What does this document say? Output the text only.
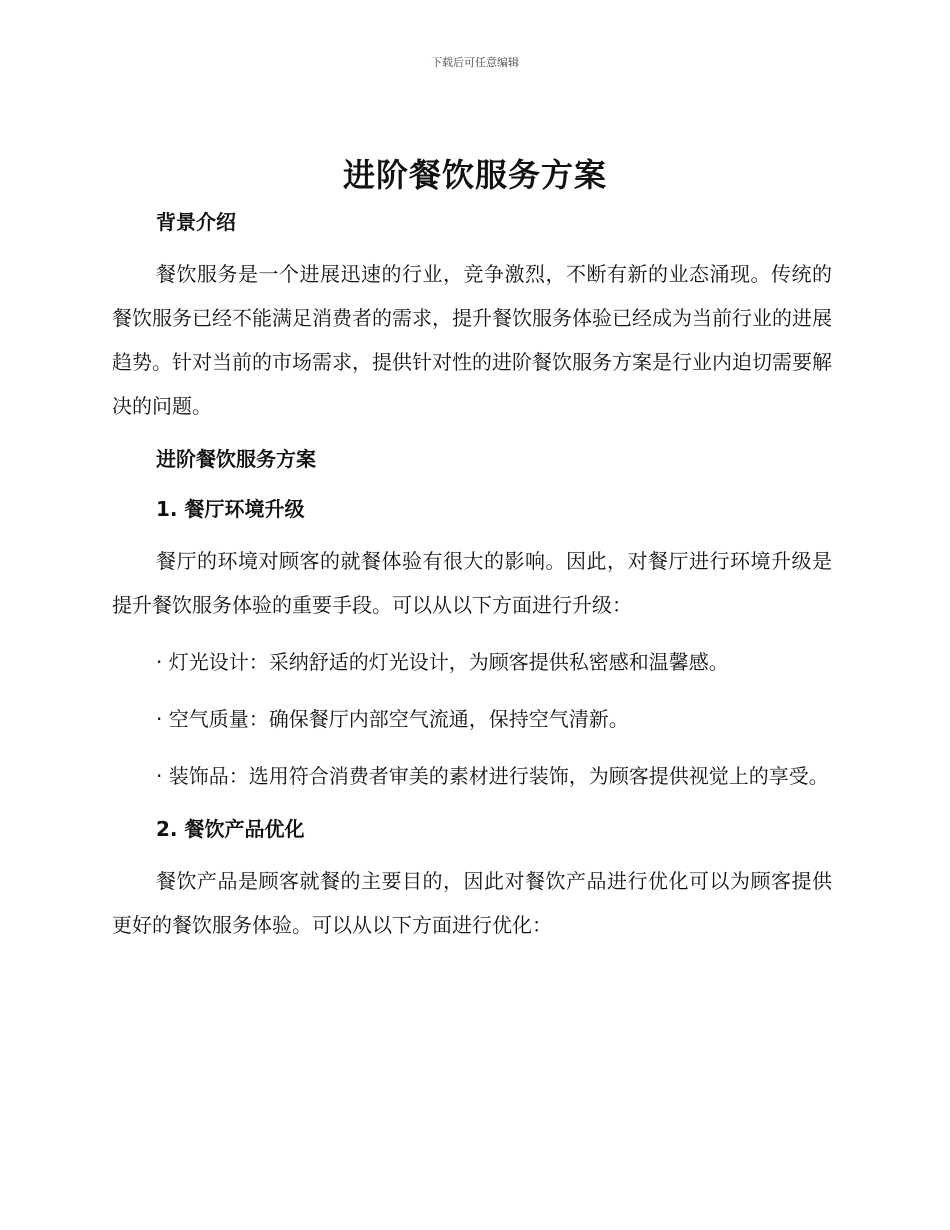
下载后可任意编辑
进阶餐饮服务方案

背景介绍

餐饮服务是一个进展迅速的行业，竞争激烈，不断有新的业态涌现。传统的餐饮服务已经不能满足消费者的需求，提升餐饮服务体验已经成为当前行业的进展趋势。针对当前的市场需求，提供针对性的进阶餐饮服务方案是行业内迫切需要解决的问题。

进阶餐饮服务方案

1. 餐厅环境升级

餐厅的环境对顾客的就餐体验有很大的影响。因此，对餐厅进行环境升级是提升餐饮服务体验的重要手段。可以从以下方面进行升级：

· 灯光设计：采纳舒适的灯光设计，为顾客提供私密感和温馨感。

· 空气质量：确保餐厅内部空气流通，保持空气清新。

· 装饰品：选用符合消费者审美的素材进行装饰，为顾客提供视觉上的享受。

2. 餐饮产品优化

餐饮产品是顾客就餐的主要目的，因此对餐饮产品进行优化可以为顾客提供更好的餐饮服务体验。可以从以下方面进行优化：
